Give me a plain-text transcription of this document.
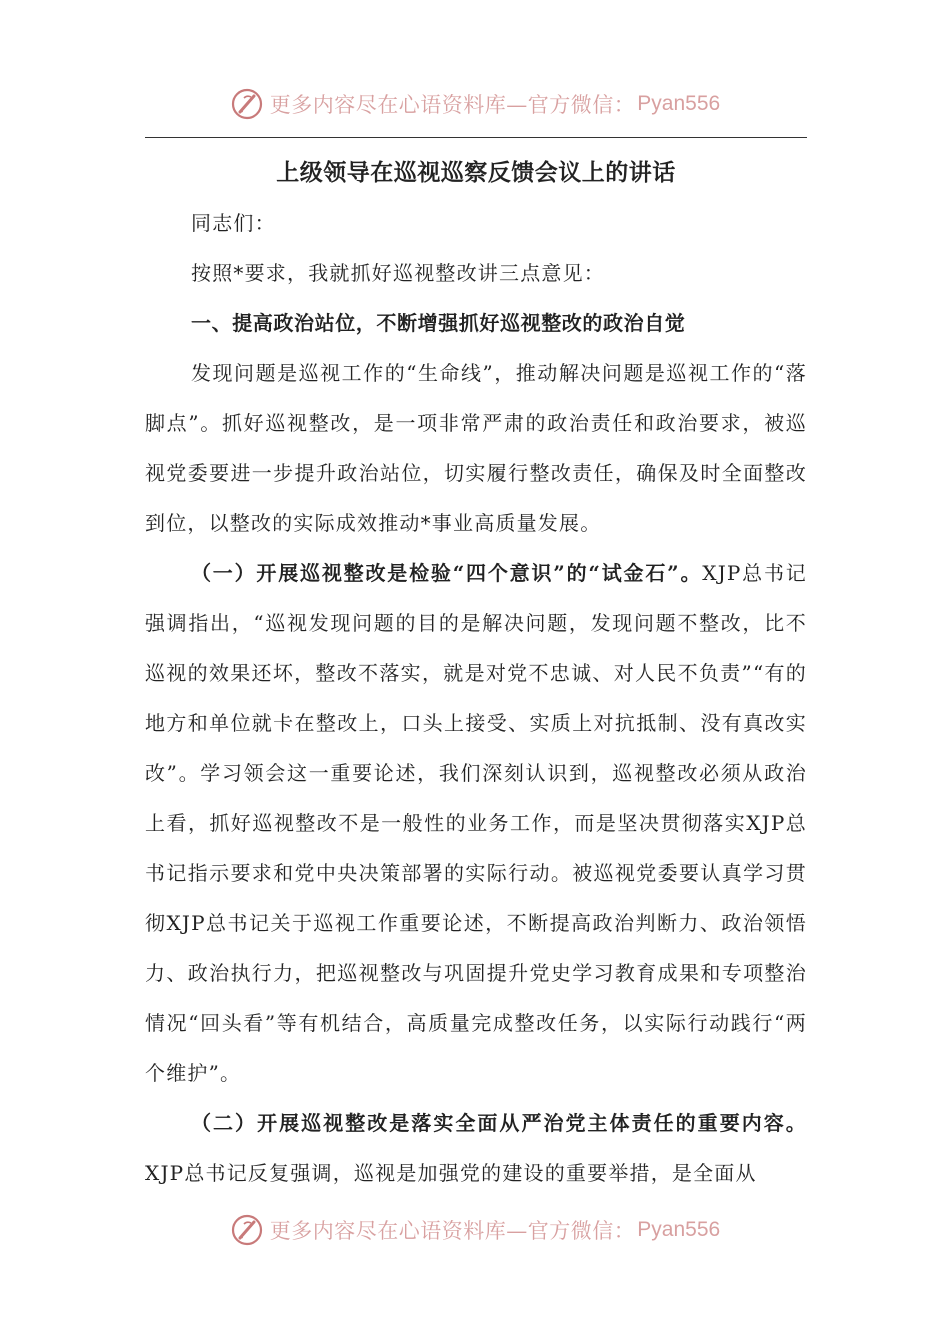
更多内容尽在心语资料库—官方微信： Pyan556
上级领导在巡视巡察反馈会议上的讲话

同志们：

按照*要求，我就抓好巡视整改讲三点意见：

一、提高政治站位，不断增强抓好巡视整改的政治自觉

发现问题是巡视工作的“生命线”，推动解决问题是巡视工作的“落脚点”。抓好巡视整改，是一项非常严肃的政治责任和政治要求，被巡视党委要进一步提升政治站位，切实履行整改责任，确保及时全面整改到位，以整改的实际成效推动*事业高质量发展。

（一）开展巡视整改是检验“四个意识”的“试金石”。XJP总书记强调指出，“巡视发现问题的目的是解决问题，发现问题不整改，比不巡视的效果还坏，整改不落实，就是对党不忠诚、对人民不负责”“有的地方和单位就卡在整改上，口头上接受、实质上对抗抵制、没有真改实改”。学习领会这一重要论述，我们深刻认识到，巡视整改必须从政治上看，抓好巡视整改不是一般性的业务工作，而是坚决贯彻落实XJP总书记指示要求和党中央决策部署的实际行动。被巡视党委要认真学习贯彻XJP总书记关于巡视工作重要论述，不断提高政治判断力、政治领悟力、政治执行力，把巡视整改与巩固提升党史学习教育成果和专项整治情况“回头看”等有机结合，高质量完成整改任务，以实际行动践行“两个维护”。

（二）开展巡视整改是落实全面从严治党主体责任的重要内容。XJP总书记反复强调，巡视是加强党的建设的重要举措，是全面从

更多内容尽在心语资料库—官方微信： Pyan556
